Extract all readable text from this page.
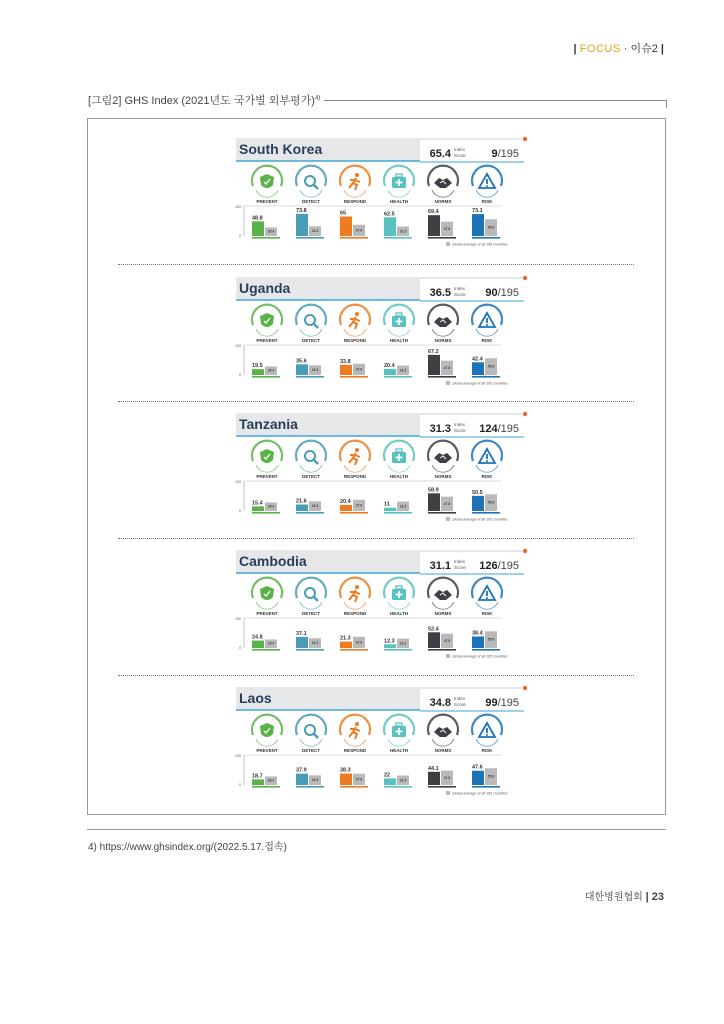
| FOCUS · 이슈2 |
[그림2] GHS Index (2021년도 국가별 외부평가)$^{4)}$
South Korea	65.4 Index
Score 9/195
PREVENT	DETECT	RESPOND	HEALTH	NORMS	RISK
100
0
48.8
28.4
73.8
32.3
65
37.6
62.5
31.5
69.4
47.8
73.1
55.8
Global average of all 195 countries
Uganda	36.5 Index
Score 90/195
PREVENT	DETECT	RESPOND	HEALTH	NORMS	RISK
100
0
19.5
28.4
35.6
32.3
33.8
37.6
20.4
31.5
67.2
47.8
42.4
55.8
Global average of all 195 countries
Tanzania	31.3 Index
Score 124/195
PREVENT	DETECT	RESPOND	HEALTH	NORMS	RISK
100
0
15.4
28.4
21.6
32.3
20.4
37.6	11	31.5
58.9
47.8
50.5
55.8
Global average of all 195 countries
Cambodia	31.1 Index
Score 126/195
PREVENT	DETECT	RESPOND	HEALTH	NORMS	RISK
100
0
24.8
28.4
37.1
32.3
21.3
37.6	12.3 31.5
52.4
47.8
38.4
55.8
Global average of all 195 countries
Laos	34.8 Index
Score 99/195
PREVENT	DETECT	RESPOND	HEALTH	NORMS	RISK
100
0
18.7
28.4
37.9
32.3
38.3
37.6
22
31.5
44.1
47.8
47.6
55.8
Global average of all 195 countries
4) https://www.ghsindex.org/(2022.5.17.접속)
대한병원협회 | 23
